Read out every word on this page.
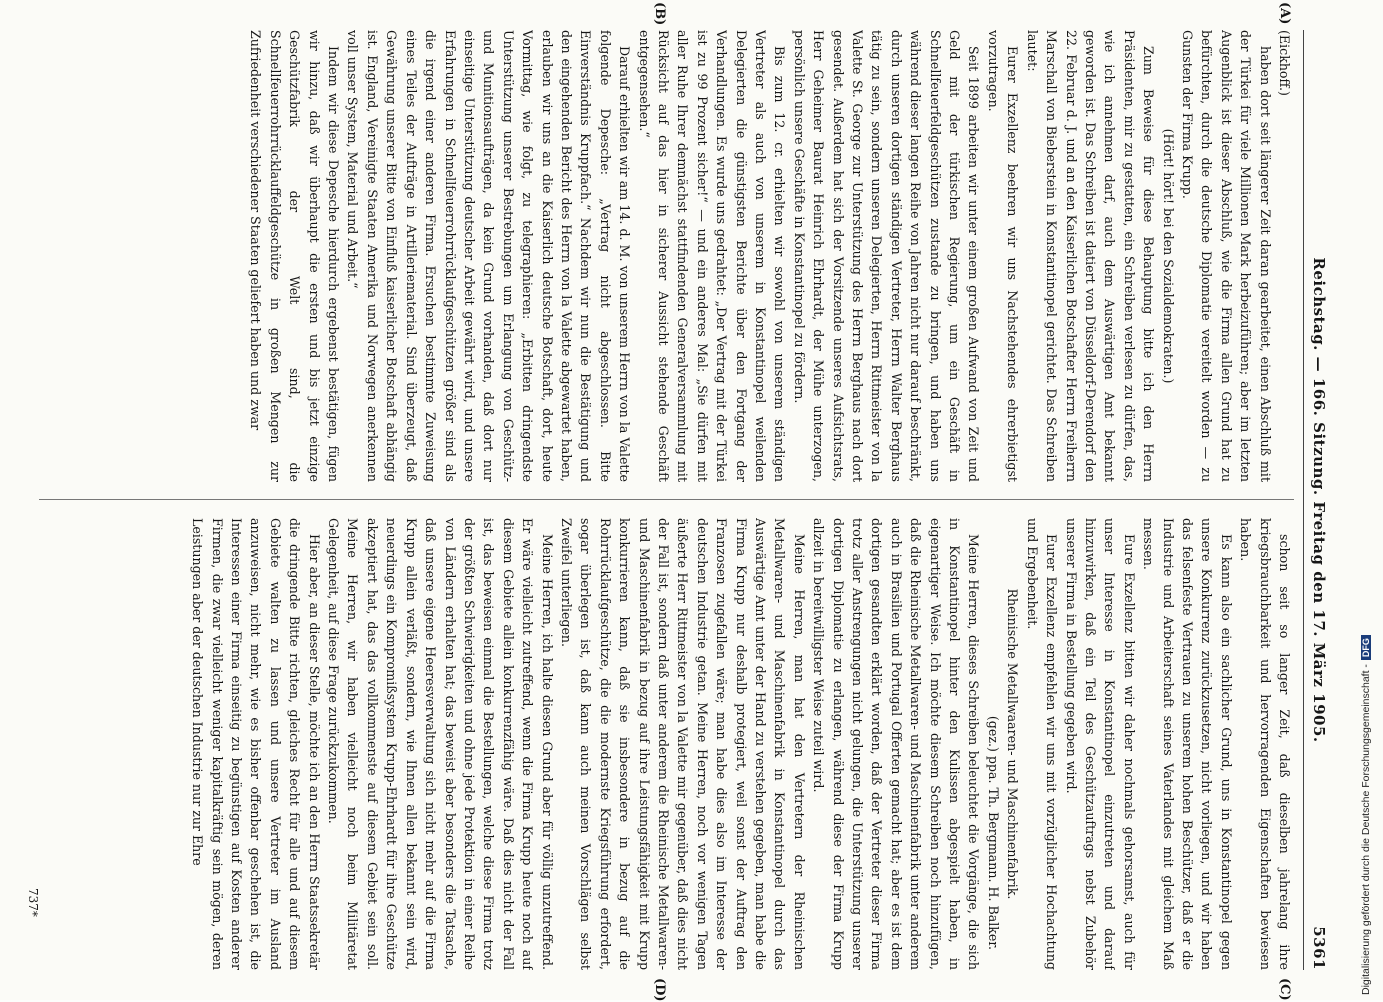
Reichstag. — 166. Sitzung. Freitag den 17. März 1905.
5361
(A)
(B)
(C)
(D)

(Eickhoff.)

haben dort seit längerer Zeit daran gearbeitet, einen Abschluß mit der Türkei für viele Millionen Mark herbeizuführen; aber im letzten Augenblick ist dieser Abschluß, wie die Firma allen Grund hat zu befürchten, durch die deutsche Diplomatie vereitelt worden — zu Gunsten der Firma Krupp.

(Hört! hört! bei den Sozialdemokraten.)

Zum Beweise für diese Behauptung bitte ich den Herrn Präsidenten, mir zu gestatten, ein Schreiben verlesen zu dürfen, das, wie ich annehmen darf, auch dem Auswärtigen Amt bekannt geworden ist. Das Schreiben ist datiert von Düsseldorf-Derendorf den 22. Februar d. J. und an den Kaiserlichen Botschafter Herrn Freiherrn Marschall von Bieberstein in Konstantinopel gerichtet. Das Schreiben lautet:

Eurer Exzellenz beehren wir uns Nachstehendes ehrerbietigst vorzutragen.

Seit 1899 arbeiten wir unter einem großen Aufwand von Zeit und Geld mit der türkischen Regierung, um ein Geschäft in Schnellfeuerfeldgeschützen zustande zu bringen, und haben uns während dieser langen Reihe von Jahren nicht nur darauf beschränkt, durch unseren dortigen ständigen Vertreter, Herrn Walter Berghaus tätig zu sein, sondern unseren Delegierten, Herrn Rittmeister von la Valette St. George zur Unterstützung des Herrn Berghaus nach dort gesendet. Außerdem hat sich der Vorsitzende unseres Aufsichtsrats, Herr Geheimer Baurat Heinrich Ehrhardt, der Mühe unterzogen, persönlich unsere Geschäfte in Konstantinopel zu fördern.

Bis zum 12. cr. erhielten wir sowohl von unserem ständigen Vertreter als auch von unserem in Konstantinopel weilenden Delegierten die günstigsten Berichte über den Fortgang der Verhandlungen. Es wurde uns gedrahtet: „Der Vertrag mit der Türkei ist zu 99 Prozent sicher!“ — und ein anderes Mal: „Sie dürfen mit aller Ruhe Ihrer demnächst stattfindenden Generalversammlung mit Rücksicht auf das hier in sicherer Aussicht stehende Geschäft entgegensehen.“

Darauf erhielten wir am 14. d. M. von unserem Herrn von la Valette folgende Depesche: „Vertrag nicht abgeschlossen. Bitte Einverständnis Kruppfach.“ Nachdem wir nun die Bestätigung und den eingehenden Bericht des Herrn von la Valette abgewartet haben, erlauben wir uns an die Kaiserlich deutsche Botschaft, dort, heute Vormittag, wie folgt, zu telegraphieren: „Erbitten dringendste Unterstützung unserer Bestrebungen um Erlangung von Geschütz- und Munitionsaufträgen, da kein Grund vorhanden, daß dort nur einseitige Unterstützung deutscher Arbeit gewährt wird, und unsere Erfahrungen in Schnellfeuerrohrrücklaufgeschützen größer sind als die irgend einer anderen Firma. Ersuchen bestimmte Zuweisung eines Teiles der Aufträge in Artilleriematerial. Sind überzeugt, daß Gewährung unserer Bitte von Einfluß kaiserlicher Botschaft abhängig ist. England, Vereinigte Staaten Amerika und Norwegen anerkennen voll unser System, Material und Arbeit.“

Indem wir diese Depesche hierdurch ergebenst bestätigen, fügen wir hinzu, daß wir überhaupt die ersten und bis jetzt einzige Geschützfabrik der Welt sind, die Schnellfeuerrohrrücklauffeldgeschütze in großen Mengen zur Zufriedenheit verschiedener Staaten geliefert haben und zwar

schon seit so langer Zeit, daß dieselben jahrelang ihre kriegsbrauchbarkeit und hervorragenden Eigenschaften bewiesen haben.

Es kann also ein sachlicher Grund, uns in Konstantinopel gegen unsere Konkurrenz zurückzusetzen, nicht vorliegen, und wir haben das felsenfeste Vertrauen zu unserem hohen Beschützer, daß er die Industrie und Arbeiterschaft seines Vaterlandes mit gleichem Maß messen.

Eure Exzellenz bitten wir daher nochmals gehorsamst, auch für unser Interesse in Konstantinopel einzutreten und darauf hinzuwirken, daß ein Teil des Geschützauftrags nebst Zubehör unserer Firma in Bestellung gegeben wird.

Eurer Exzellenz empfehlen wir uns mit vorzüglicher Hochachtung und Ergebenheit.

Rheinische Metallwaaren- und Maschinenfabrik.

(gez.) ppa. Th. Bergmann. H. Balker.

Meine Herren, dieses Schreiben beleuchtet die Vorgänge, die sich in Konstantinopel hinter den Kulissen abgespielt haben, in eigenartiger Weise. Ich möchte diesem Schreiben noch hinzufügen, daß die Rheinische Metallwaren- und Maschinenfabrik unter anderem auch in Brasilien und Portugal Offerten gemacht hat; aber es ist dem dortigen gesandten erklärt worden, daß der Vertreter dieser Firma trotz aller Anstrengungen nicht gelungen, die Unterstützung unserer dortigen Diplomatie zu erlangen, während diese der Firma Krupp allzeit in bereitwilligster Weise zuteil wird.

Meine Herren, man hat den Vertretern der Rheinischen Metallwaren- und Maschinenfabrik in Konstantinopel durch das Auswärtige Amt unter der Hand zu verstehen gegeben, man habe die Firma Krupp nur deshalb protegiert, weil sonst der Auftrag den Franzosen zugefallen wäre; man habe dies also im Interesse der deutschen Industrie getan. Meine Herren, noch vor wenigen Tagen äußerte Herr Rittmeister von la Valette mir gegenüber, daß dies nicht der Fall ist, sondern daß unter anderem die Rheinische Metallwaren- und Maschinenfabrik in bezug auf ihre Leistungsfähigkeit mit Krupp konkurrieren kann, daß sie insbesondere in bezug auf die Rohrrücklaufgeschütze, die die modernste Kriegsführung erfordert, sogar überlegen ist, daß kann auch meinen Vorschlägen selbst Zweifel unterliegen.

Meine Herren, ich halte diesen Grund aber für völlig unzutreffend. Er wäre vielleicht zutreffend, wenn die Firma Krupp heute noch auf diesem Gebiete allein konkurrenzfähig wäre. Daß dies nicht der Fall ist, das beweisen einmal die Bestellungen, welche diese Firma trotz der größten Schwierigkeiten und ohne jede Protektion in einer Reihe von Ländern erhalten hat; das beweist aber besonders die Tatsache, daß unsere eigene Heeresverwaltung sich nicht mehr auf die Firma Krupp allein verläßt, sondern, wie Ihnen allen bekannt sein wird, neuerdings ein Kompromißsystem Krupp-Ehrhardt für ihre Geschütze akzeptiert hat, das das vollkommenste auf diesem Gebiet sein soll. Meine Herren, wir haben vielleicht noch beim Militäretat Gelegenheit, auf diese Frage zurückzukommen.

Hier aber, an dieser Stelle, möchte ich an den Herrn Staatssekretär die dringende Bitte richten, gleiches Recht für alle und auf diesem Gebiete walten zu lassen und unsere Vertreter im Ausland anzuweisen, nicht mehr, wie es bisher offenbar geschehen ist, die Interessen einer Firma einseitig zu begünstigen auf Kosten anderer Firmen, die zwar vielleicht weniger kapitalkräftig sein mögen, deren Leistungen aber der deutschen Industrie nur zur Ehre

737*	Digitalisierung gefördert durch die Deutsche Forschungsgemeinschaft -DFG
